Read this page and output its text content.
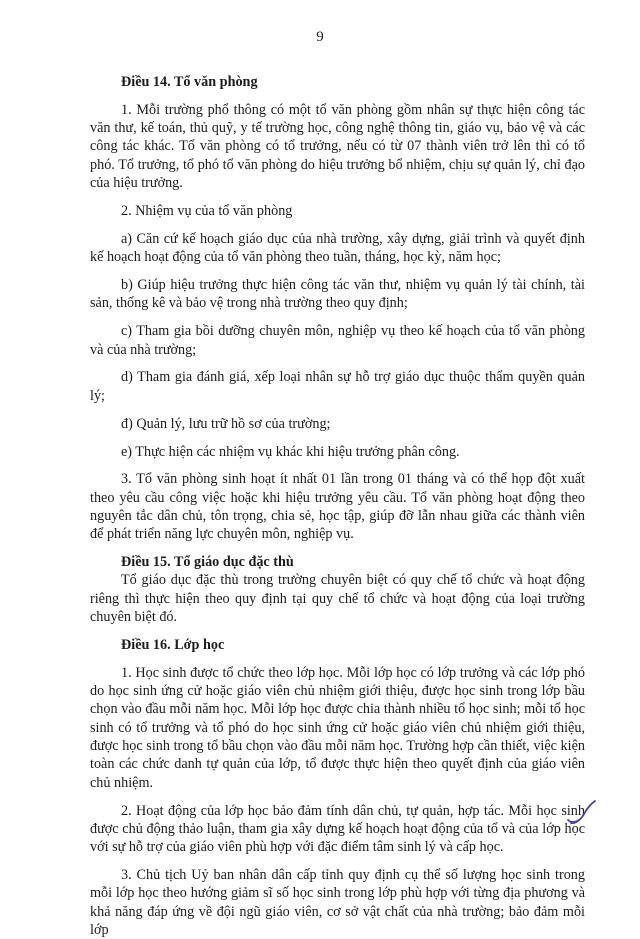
9
Điều 14. Tổ văn phòng

1. Mỗi trường phổ thông có một tổ văn phòng gồm nhân sự thực hiện công tác văn thư, kế toán, thủ quỹ, y tế trường học, công nghệ thông tin, giáo vụ, bảo vệ và các công tác khác. Tổ văn phòng có tổ trưởng, nếu có từ 07 thành viên trở lên thì có tổ phó. Tổ trưởng, tổ phó tổ văn phòng do hiệu trưởng bổ nhiệm, chịu sự quản lý, chỉ đạo của hiệu trưởng.

2. Nhiệm vụ của tổ văn phòng

a) Căn cứ kế hoạch giáo dục của nhà trường, xây dựng, giải trình và quyết định kế hoạch hoạt động của tổ văn phòng theo tuần, tháng, học kỳ, năm học;

b) Giúp hiệu trưởng thực hiện công tác văn thư, nhiệm vụ quản lý tài chính, tài sản, thống kê và bảo vệ trong nhà trường theo quy định;

c) Tham gia bồi dưỡng chuyên môn, nghiệp vụ theo kế hoạch của tổ văn phòng và của nhà trường;

d) Tham gia đánh giá, xếp loại nhân sự hỗ trợ giáo dục thuộc thẩm quyền quản lý;

đ) Quản lý, lưu trữ hồ sơ của trường;

e) Thực hiện các nhiệm vụ khác khi hiệu trưởng phân công.

3. Tổ văn phòng sinh hoạt ít nhất 01 lần trong 01 tháng và có thể họp đột xuất theo yêu cầu công việc hoặc khi hiệu trưởng yêu cầu. Tổ văn phòng hoạt động theo nguyên tắc dân chủ, tôn trọng, chia sẻ, học tập, giúp đỡ lẫn nhau giữa các thành viên để phát triển năng lực chuyên môn, nghiệp vụ.

Điều 15. Tổ giáo dục đặc thù

Tổ giáo dục đặc thù trong trường chuyên biệt có quy chế tổ chức và hoạt động riêng thì thực hiện theo quy định tại quy chế tổ chức và hoạt động của loại trường chuyên biệt đó.

Điều 16. Lớp học

1. Học sinh được tổ chức theo lớp học. Mỗi lớp học có lớp trưởng và các lớp phó do học sinh ứng cử hoặc giáo viên chủ nhiệm giới thiệu, được học sinh trong lớp bầu chọn vào đầu mỗi năm học. Mỗi lớp học được chia thành nhiều tổ học sinh; mỗi tổ học sinh có tổ trưởng và tổ phó do học sinh ứng cử hoặc giáo viên chủ nhiệm giới thiệu, được học sinh trong tổ bầu chọn vào đầu mỗi năm học. Trường hợp cần thiết, việc kiện toàn các chức danh tự quản của lớp, tổ được thực hiện theo quyết định của giáo viên chủ nhiệm.

2. Hoạt động của lớp học bảo đảm tính dân chủ, tự quản, hợp tác. Mỗi học sinh được chủ động thảo luận, tham gia xây dựng kế hoạch hoạt động của tổ và của lớp học với sự hỗ trợ của giáo viên phù hợp với đặc điểm tâm sinh lý và cấp học.

3. Chủ tịch Uỷ ban nhân dân cấp tỉnh quy định cụ thể số lượng học sinh trong mỗi lớp học theo hướng giảm sĩ số học sinh trong lớp phù hợp với từng địa phương và khả năng đáp ứng về đội ngũ giáo viên, cơ sở vật chất của nhà trường; bảo đảm mỗi lớp
